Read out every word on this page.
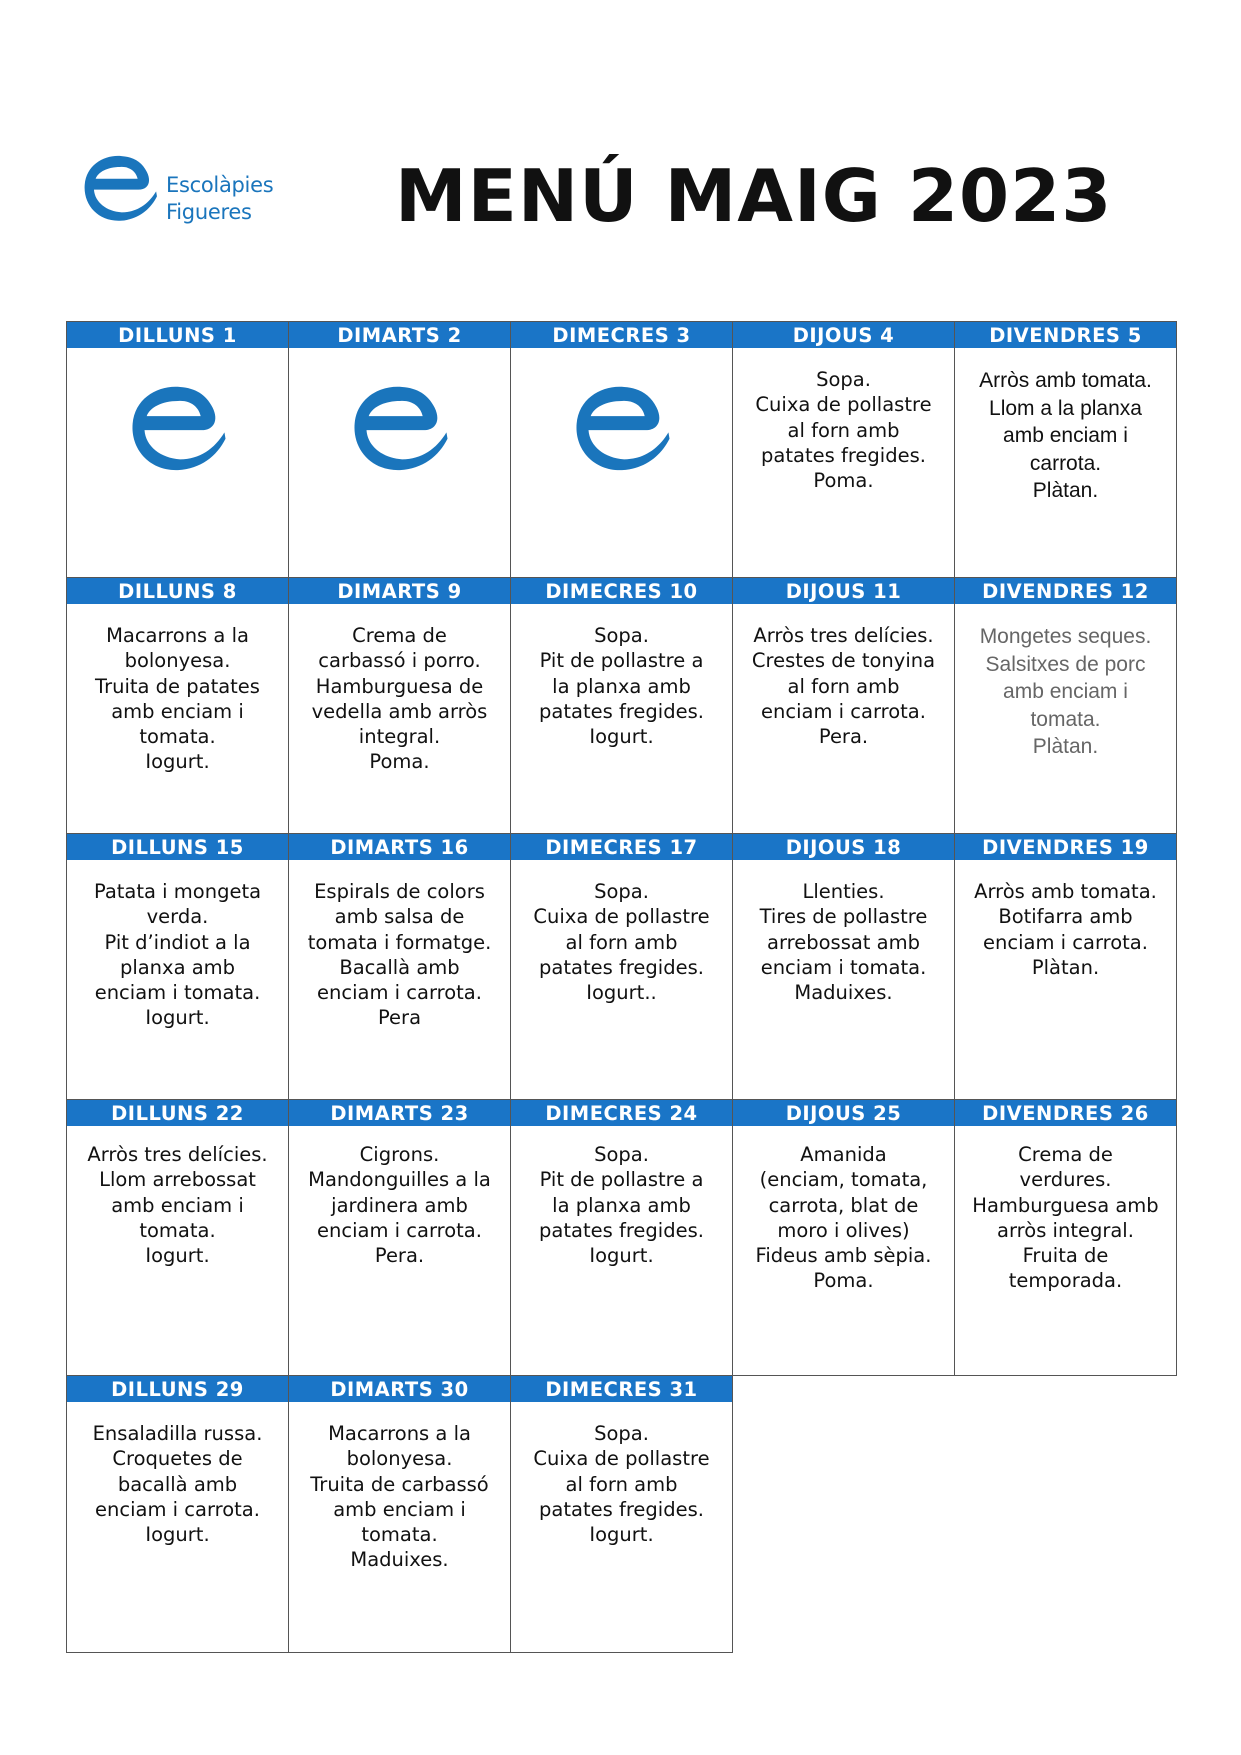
Escolàpies
Figueres	MENÚ MAIG 2023
DILLUNS 1	DIMARTS 2	DIMECRES 3	DIJOUS 4
Sopa.
Cuixa de pollastre
al forn amb
patates fregides.
Poma.
DIVENDRES 5
Arròs amb tomata.
Llom a la planxa
amb enciam i
carrota.
Plàtan.
DILLUNS 8
Macarrons a la
bolonyesa.
Truita de patates
amb enciam i
tomata.
Iogurt.
DIMARTS 9
Crema de
carbassó i porro.
Hamburguesa de
vedella amb arròs
integral.
Poma.
DIMECRES 10
Sopa.
Pit de pollastre a
la planxa amb
patates fregides.
Iogurt.
DIJOUS 11
Arròs tres delícies.
Crestes de tonyina
al forn amb
enciam i carrota.
Pera.
DIVENDRES 12
Mongetes seques.
Salsitxes de porc
amb enciam i
tomata.
Plàtan.
DILLUNS 15
Patata i mongeta
verda.
Pit d’indiot a la
planxa amb
enciam i tomata.
Iogurt.
DIMARTS 16
Espirals de colors
amb salsa de
tomata i formatge.
Bacallà amb
enciam i carrota.
Pera
DIMECRES 17
Sopa.
Cuixa de pollastre
al forn amb
patates fregides.
Iogurt..
DIJOUS 18
Llenties.
Tires de pollastre
arrebossat amb
enciam i tomata.
Maduixes.
DIVENDRES 19
Arròs amb tomata.
Botifarra amb
enciam i carrota.
Plàtan.
DILLUNS 22
Arròs tres delícies.
Llom arrebossat
amb enciam i
tomata.
Iogurt.
DIMARTS 23
Cigrons.
Mandonguilles a la
jardinera amb
enciam i carrota.
Pera.
DIMECRES 24
Sopa.
Pit de pollastre a
la planxa amb
patates fregides.
Iogurt.
DIJOUS 25
Amanida
(enciam, tomata,
carrota, blat de
moro i olives)
Fideus amb sèpia.
Poma.
DIVENDRES 26
Crema de
verdures.
Hamburguesa amb
arròs integral.
Fruita de
temporada.
DILLUNS 29
Ensaladilla russa.
Croquetes de
bacallà amb
enciam i carrota.
Iogurt.
DIMARTS 30
Macarrons a la
bolonyesa.
Truita de carbassó
amb enciam i
tomata.
Maduixes.
DIMECRES 31
Sopa.
Cuixa de pollastre
al forn amb
patates fregides.
Iogurt.
